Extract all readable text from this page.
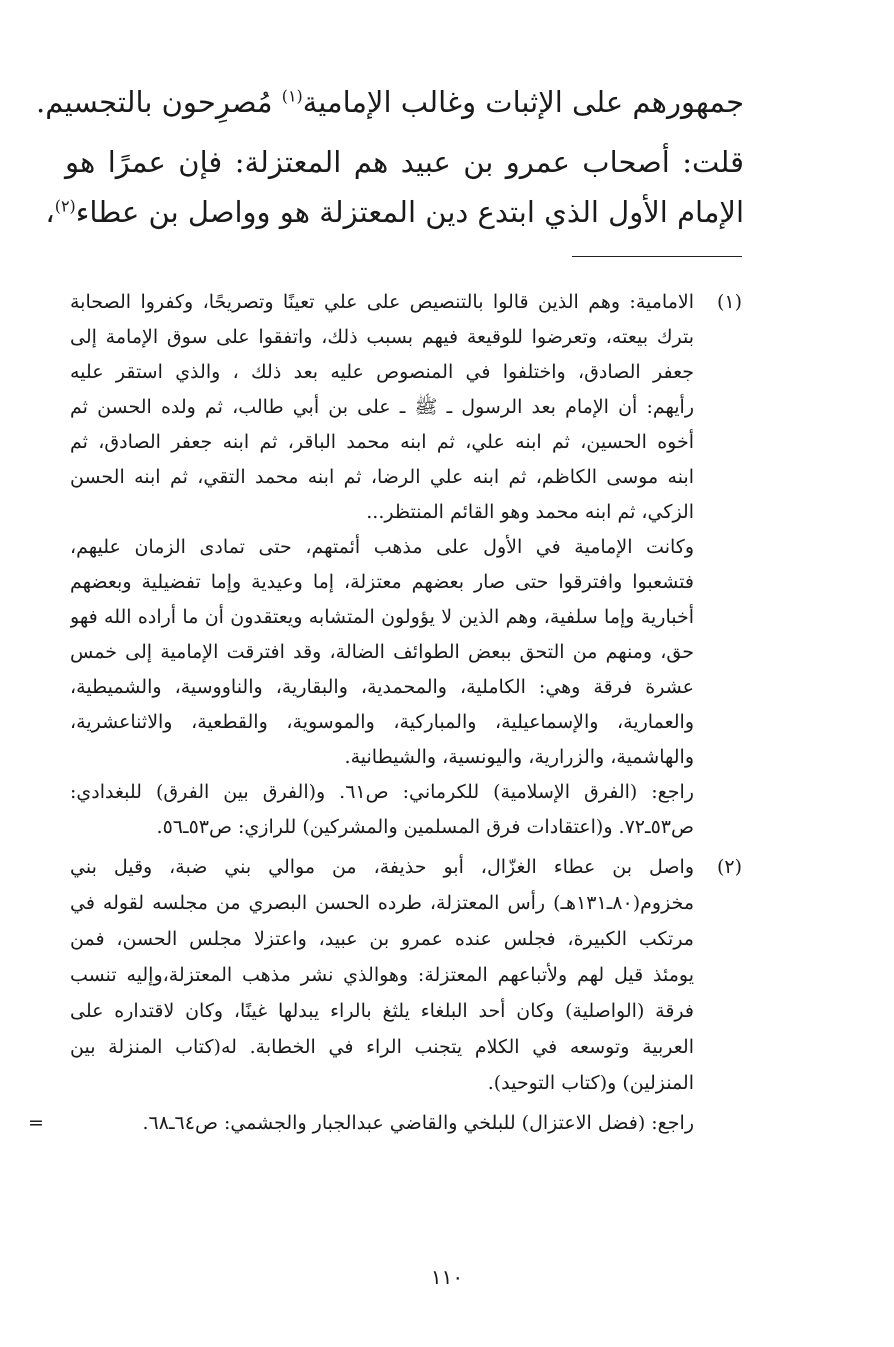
جمهورهم على الإثبات وغالب الإمامية$^{(١)}$ مُصرِحون بالتجسيم.
قلت: أصحاب عمرو بن عبيد هم المعتزلة: فإن عمرًا هو
الإمام الأول الذي ابتدع دين المعتزلة هو وواصل بن عطاء$^{(٢)}$،
(١)
الامامية: وهم الذين قالوا بالتنصيص على علي تعينًا وتصريحًا، وكفروا الصحابة
بترك بيعته، وتعرضوا للوقيعة فيهم بسبب ذلك، واتفقوا على سوق الإمامة إلى
جعفر الصادق، واختلفوا في المنصوص عليه بعد ذلك ، والذي استقر عليه
رأيهم: أن الإمام بعد الرسول ـ ﷺ ـ على بن أبي طالب، ثم ولده الحسن ثم
أخوه الحسين، ثم ابنه علي، ثم ابنه محمد الباقر، ثم ابنه جعفر الصادق، ثم
ابنه موسى الكاظم، ثم ابنه علي الرضا، ثم ابنه محمد التقي، ثم ابنه الحسن
الزكي، ثم ابنه محمد وهو القائم المنتظر...
وكانت الإمامية في الأول على مذهب أئمتهم، حتى تمادى الزمان عليهم،
فتشعبوا وافترقوا حتى صار بعضهم معتزلة، إما وعيدية وإما تفضيلية وبعضهم
أخبارية وإما سلفية، وهم الذين لا يؤولون المتشابه ويعتقدون أن ما أراده الله فهو
حق، ومنهم من التحق ببعض الطوائف الضالة، وقد افترقت الإمامية إلى خمس
عشرة فرقة وهي: الكاملية، والمحمدية، والبقارية، والناووسية، والشميطية،
والعمارية، والإسماعيلية، والمباركية، والموسوية، والقطعية، والاثناعشرية،
والهاشمية، والزرارية، واليونسية، والشيطانية.
راجع: (الفرق الإسلامية) للكرماني: ص٦١. و(الفرق بين الفرق) للبغدادي:
ص٥٣ـ٧٢. و(اعتقادات فرق المسلمين والمشركين) للرازي: ص٥٣ـ٥٦.
(٢)
واصل بن عطاء الغزّال، أبو حذيفة، من موالي بني ضبة، وقيل بني
مخزوم(٨٠ـ١٣١هـ) رأس المعتزلة، طرده الحسن البصري من مجلسه لقوله في
مرتكب الكبيرة، فجلس عنده عمرو بن عبيد، واعتزلا مجلس الحسن، فمن
يومئذ قيل لهم ولأتباعهم المعتزلة: وهوالذي نشر مذهب المعتزلة،وإليه تنسب
فرقة (الواصلية) وكان أحد البلغاء يلثغ بالراء يبدلها غينًا، وكان لاقتداره على
العربية وتوسعه في الكلام يتجنب الراء في الخطابة. له(كتاب المنزلة بين
المنزلين) و(كتاب التوحيد).
راجع: (فضل الاعتزال) للبلخي والقاضي عبدالجبار والجشمي: ص٦٤ـ٦٨.
=
١١٠
